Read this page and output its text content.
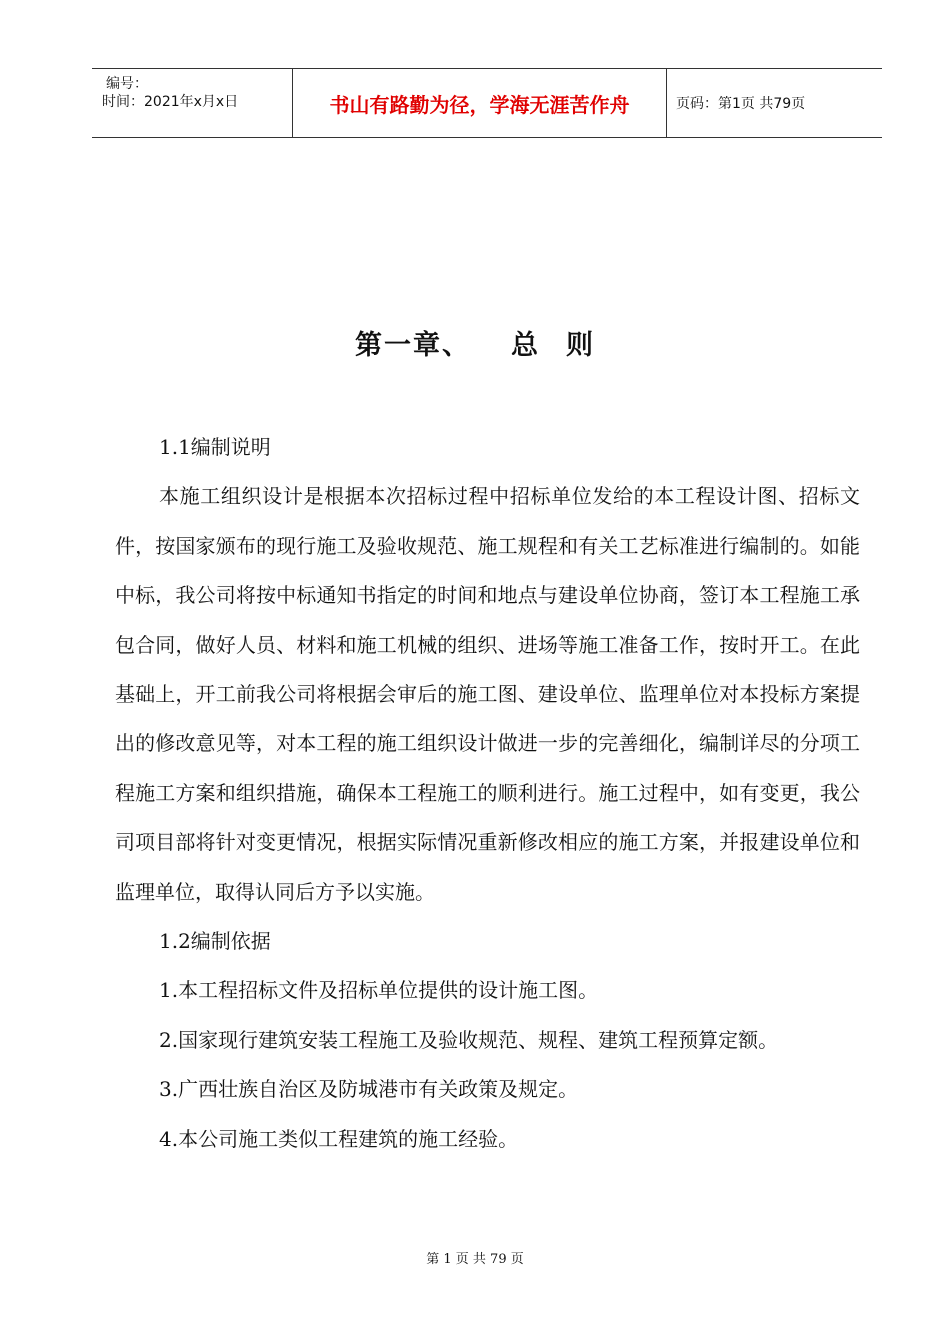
编号：
时间：2021年x月x日	书山有路勤为径，学海无涯苦作舟	页码：第1页 共79页
第一章、 总 则

1.1编制说明

本施工组织设计是根据本次招标过程中招标单位发给的本工程设计图、招标文件，按国家颁布的现行施工及验收规范、施工规程和有关工艺标准进行编制的。如能中标，我公司将按中标通知书指定的时间和地点与建设单位协商，签订本工程施工承包合同，做好人员、材料和施工机械的组织、进场等施工准备工作，按时开工。在此基础上，开工前我公司将根据会审后的施工图、建设单位、监理单位对本投标方案提出的修改意见等，对本工程的施工组织设计做进一步的完善细化，编制详尽的分项工程施工方案和组织措施，确保本工程施工的顺利进行。施工过程中，如有变更，我公司项目部将针对变更情况，根据实际情况重新修改相应的施工方案，并报建设单位和监理单位，取得认同后方予以实施。

1.2编制依据

1.本工程招标文件及招标单位提供的设计施工图。

2.国家现行建筑安装工程施工及验收规范、规程、建筑工程预算定额。

3.广西壮族自治区及防城港市有关政策及规定。

4.本公司施工类似工程建筑的施工经验。

第 1 页 共 79 页
